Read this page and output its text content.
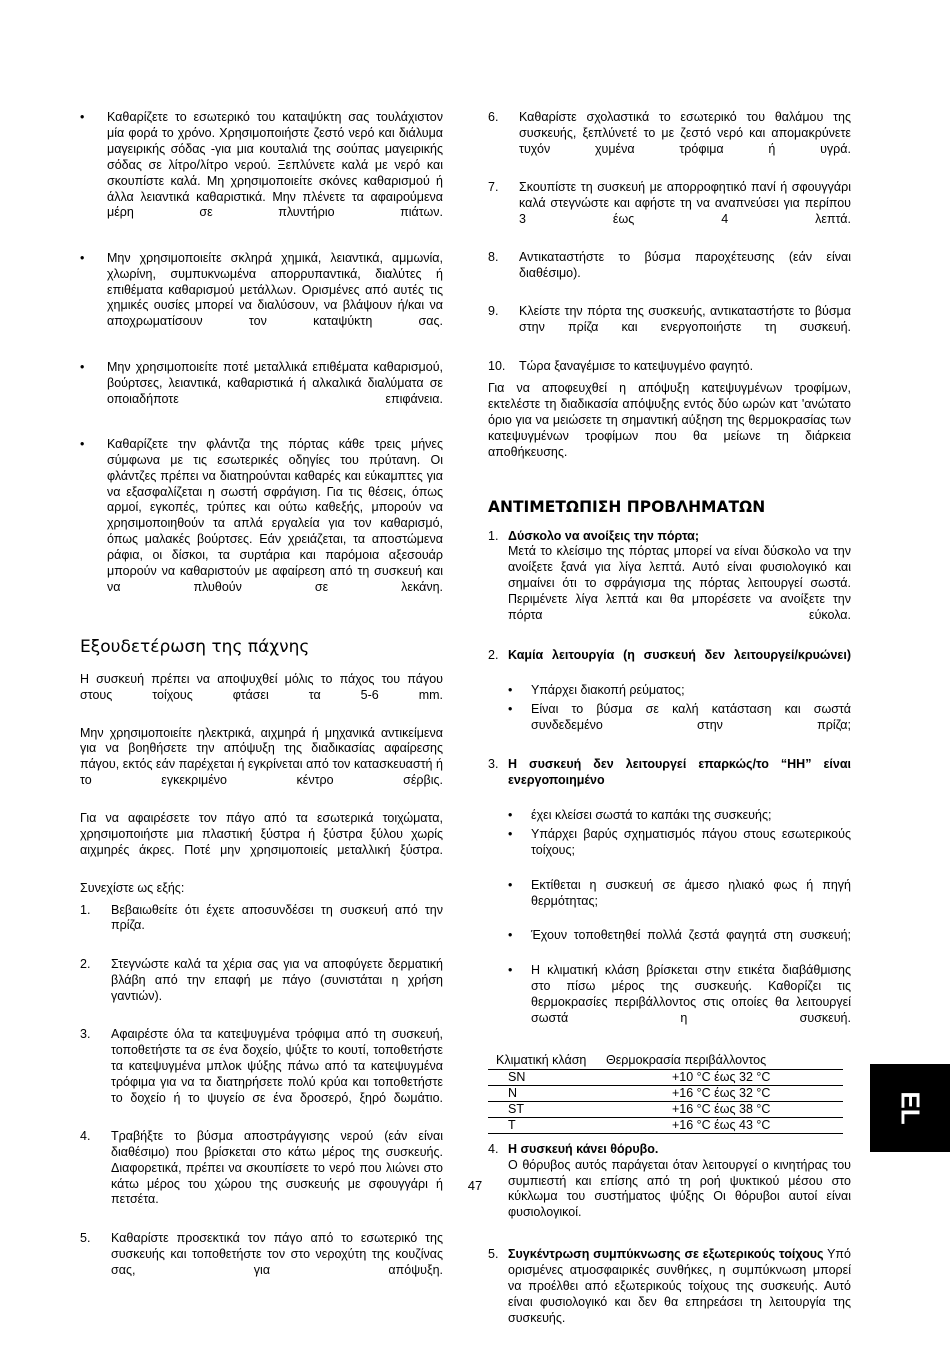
• Καθαρίζετε το εσωτερικό του καταψύκτη σας τουλάχιστον μία φορά το χρόνο. Χρησιμοποιήστε ζεστό νερό και διάλυμα μαγειρικής σόδας -για μια κουταλιά της σούπας μαγειρικής σόδας σε λίτρο/λίτρο νερού. Ξεπλύνετε καλά με νερό και σκουπίστε καλά. Μη χρησιμοποιείτε σκόνες καθαρισμού ή άλλα λειαντικά καθαριστικά. Μην πλένετε τα αφαιρούμενα μέρη σε πλυντήριο πιάτων.
• Μην χρησιμοποιείτε σκληρά χημικά, λειαντικά, αμμωνία, χλωρίνη, συμπυκνωμένα απορρυπαντικά, διαλύτες ή επιθέματα καθαρισμού μετάλλων. Ορισμένες από αυτές τις χημικές ουσίες μπορεί να διαλύσουν, να βλάψουν ή/και να αποχρωματίσουν τον καταψύκτη σας.
• Μην χρησιμοποιείτε ποτέ μεταλλικά επιθέματα καθαρισμού, βούρτσες, λειαντικά, καθαριστικά ή αλκαλικά διαλύματα σε οποιαδήποτε επιφάνεια.
• Καθαρίζετε την φλάντζα της πόρτας κάθε τρεις μήνες σύμφωνα με τις εσωτερικές οδηγίες του πρύτανη. Οι φλάντζες πρέπει να διατηρούνται καθαρές και εύκαμπτες για να εξασφαλίζεται η σωστή σφράγιση. Για τις θέσεις, όπως αρμοί, εγκοπές, τρύπες και ούτω καθεξής, μπορούν να χρησιμοποιηθούν τα απλά εργαλεία για τον καθαρισμό, όπως μαλακές βούρτσες. Εάν χρειάζεται, τα αποστώμενα ράφια, οι δίσκοι, τα συρτάρια και παρόμοια αξεσουάρ μπορούν να καθαριστούν με αφαίρεση από τη συσκευή και να πλυθούν σε λεκάνη.
Εξουδετέρωση της πάχνης
Η συσκευή πρέπει να αποψυχθεί μόλις το πάχος του πάγου στους τοίχους φτάσει τα 5-6 mm.
Μην χρησιμοποιείτε ηλεκτρικά, αιχμηρά ή μηχανικά αντικείμενα για να βοηθήσετε την απόψυξη της διαδικασίας αφαίρεσης πάγου, εκτός εάν παρέχεται ή εγκρίνεται από τον κατασκευαστή ή το εγκεκριμένο κέντρο σέρβις.
Για να αφαιρέσετε τον πάγο από τα εσωτερικά τοιχώματα, χρησιμοποιήστε μια πλαστική ξύστρα ή ξύστρα ξύλου χωρίς αιχμηρές άκρες. Ποτέ μην χρησιμοποιείς μεταλλική ξύστρα.
Συνεχίστε ως εξής:
1. Βεβαιωθείτε ότι έχετε αποσυνδέσει τη συσκευή από την πρίζα.
2. Στεγνώστε καλά τα χέρια σας για να αποφύγετε δερματική βλάβη από την επαφή με πάγο (συνιστάται η χρήση γαντιών).
3. Αφαιρέστε όλα τα κατεψυγμένα τρόφιμα από τη συσκευή, τοποθετήστε τα σε ένα δοχείο, ψύξτε το κουτί, τοποθετήστε τα κατεψυγμένα μπλοκ ψύξης πάνω από τα κατεψυγμένα τρόφιμα για να τα διατηρήσετε πολύ κρύα και τοποθετήστε το δοχείο ή το ψυγείο σε ένα δροσερό, ξηρό δωμάτιο.
4. Τραβήξτε το βύσμα αποστράγγισης νερού (εάν είναι διαθέσιμο) που βρίσκεται στο κάτω μέρος της συσκευής. Διαφορετικά, πρέπει να σκουπίσετε το νερό που λιώνει στο κάτω μέρος του χώρου της συσκευής με σφουγγάρι ή πετσέτα.
5. Καθαρίστε προσεκτικά τον πάγο από το εσωτερικό της συσκευής και τοποθετήστε τον στο νεροχύτη της κουζίνας σας, για απόψυξη.
6. Καθαρίστε σχολαστικά το εσωτερικό του θαλάμου της συσκευής, ξεπλύνετέ το με ζεστό νερό και απομακρύνετε τυχόν χυμένα τρόφιμα ή υγρά.
7. Σκουπίστε τη συσκευή με απορροφητικό πανί ή σφουγγάρι καλά στεγνώστε και αφήστε τη να αναπνεύσει για περίπου 3 έως 4 λεπτά.
8. Αντικαταστήστε το βύσμα παροχέτευσης (εάν είναι διαθέσιμο).
9. Κλείστε την πόρτα της συσκευής, αντικαταστήστε το βύσμα στην πρίζα και ενεργοποιήστε τη συσκευή.
10. Τώρα ξαναγέμισε το κατεψυγμένο φαγητό.
Για να αποφευχθεί η απόψυξη κατεψυγμένων τροφίμων, εκτελέστε τη διαδικασία απόψυξης εντός δύο ωρών κατ 'ανώτατο όριο για να μειώσετε τη σημαντική αύξηση της θερμοκρασίας των κατεψυγμένων τροφίμων που θα μείωνε τη διάρκεια αποθήκευσης.
ΑΝΤΙΜΕΤΩΠΙΣΗ ΠΡΟΒΛΗΜΑΤΩΝ
1. Δύσκολο να ανοίξεις την πόρτα;
Μετά το κλείσιμο της πόρτας μπορεί να είναι δύσκολο να την ανοίξετε ξανά για λίγα λεπτά. Αυτό είναι φυσιολογικό και σημαίνει ότι το σφράγισμα της πόρτας λειτουργεί σωστά. Περιμένετε λίγα λεπτά και θα μπορέσετε να ανοίξετε την πόρτα εύκολα.
2. Καμία λειτουργία (η συσκευή δεν λειτουργεί/κρυώνει)
• Υπάρχει διακοπή ρεύματος;
• Είναι το βύσμα σε καλή κατάσταση και σωστά συνδεδεμένο στην πρίζα;
3. Η συσκευή δεν λειτουργεί επαρκώς/το “HH” είναι ενεργοποιημένο
• έχει κλείσει σωστά το καπάκι της συσκευής;
• Υπάρχει βαρύς σχηματισμός πάγου στους εσωτερικούς τοίχους;
• Εκτίθεται η συσκευή σε άμεσο ηλιακό φως ή πηγή θερμότητας;
• Έχουν τοποθετηθεί πολλά ζεστά φαγητά στη συσκευή;
• Η κλιματική κλάση βρίσκεται στην ετικέτα διαβάθμισης στο πίσω μέρος της συσκευής. Καθορίζει τις θερμοκρασίες περιβάλλοντος στις οποίες θα λειτουργεί σωστά η συσκευή.
Κλιματική κλάση	Θερμοκρασία περιβάλλοντος
SN	+10 °C έως 32 °C
N	+16 °C έως 32 °C
ST	+16 °C έως 38 °C
T	+16 °C έως 43 °C
4. Η συσκευή κάνει θόρυβο.
Ο θόρυβος αυτός παράγεται όταν λειτουργεί ο κινητήρας του συμπιεστή και επίσης από τη ροή ψυκτικού μέσου στο κύκλωμα του συστήματος ψύξης Οι θόρυβοι αυτοί είναι φυσιολογικοί.
5. Συγκέντρωση συμπύκνωσης σε εξωτερικούς τοίχους Υπό ορισμένες ατμοσφαιρικές συνθήκες, η συμπύκνωση μπορεί να προέλθει από εξωτερικούς τοίχους της συσκευής. Αυτό είναι φυσιολογικό και δεν θα επηρεάσει τη λειτουργία της συσκευής.
EL
47
